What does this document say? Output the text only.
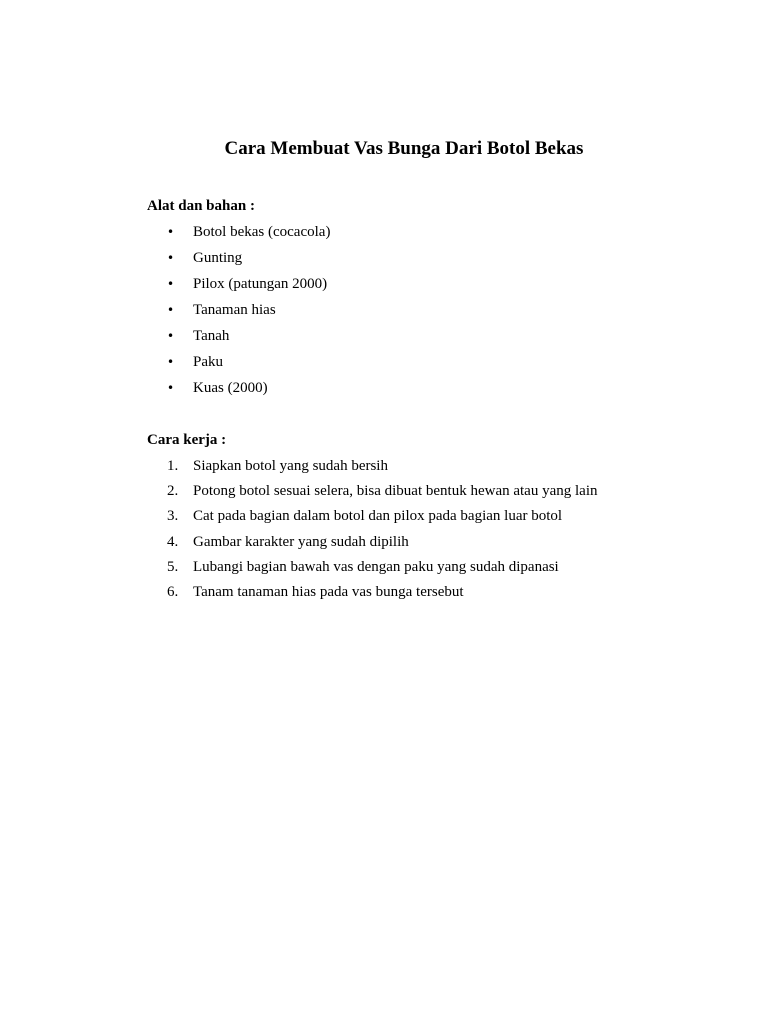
Cara Membuat Vas Bunga Dari Botol Bekas

Alat dan bahan :

•	Botol bekas (cocacola)
•	Gunting
•	Pilox (patungan 2000)
•	Tanaman hias
•	Tanah
•	Paku
•	Kuas (2000)

Cara kerja :

1. Siapkan botol yang sudah bersih
2. Potong botol sesuai selera, bisa dibuat bentuk hewan atau yang lain
3. Cat pada bagian dalam botol dan pilox pada bagian luar botol
4. Gambar karakter yang sudah dipilih
5. Lubangi bagian bawah vas dengan paku yang sudah dipanasi
6. Tanam tanaman hias pada vas bunga tersebut
